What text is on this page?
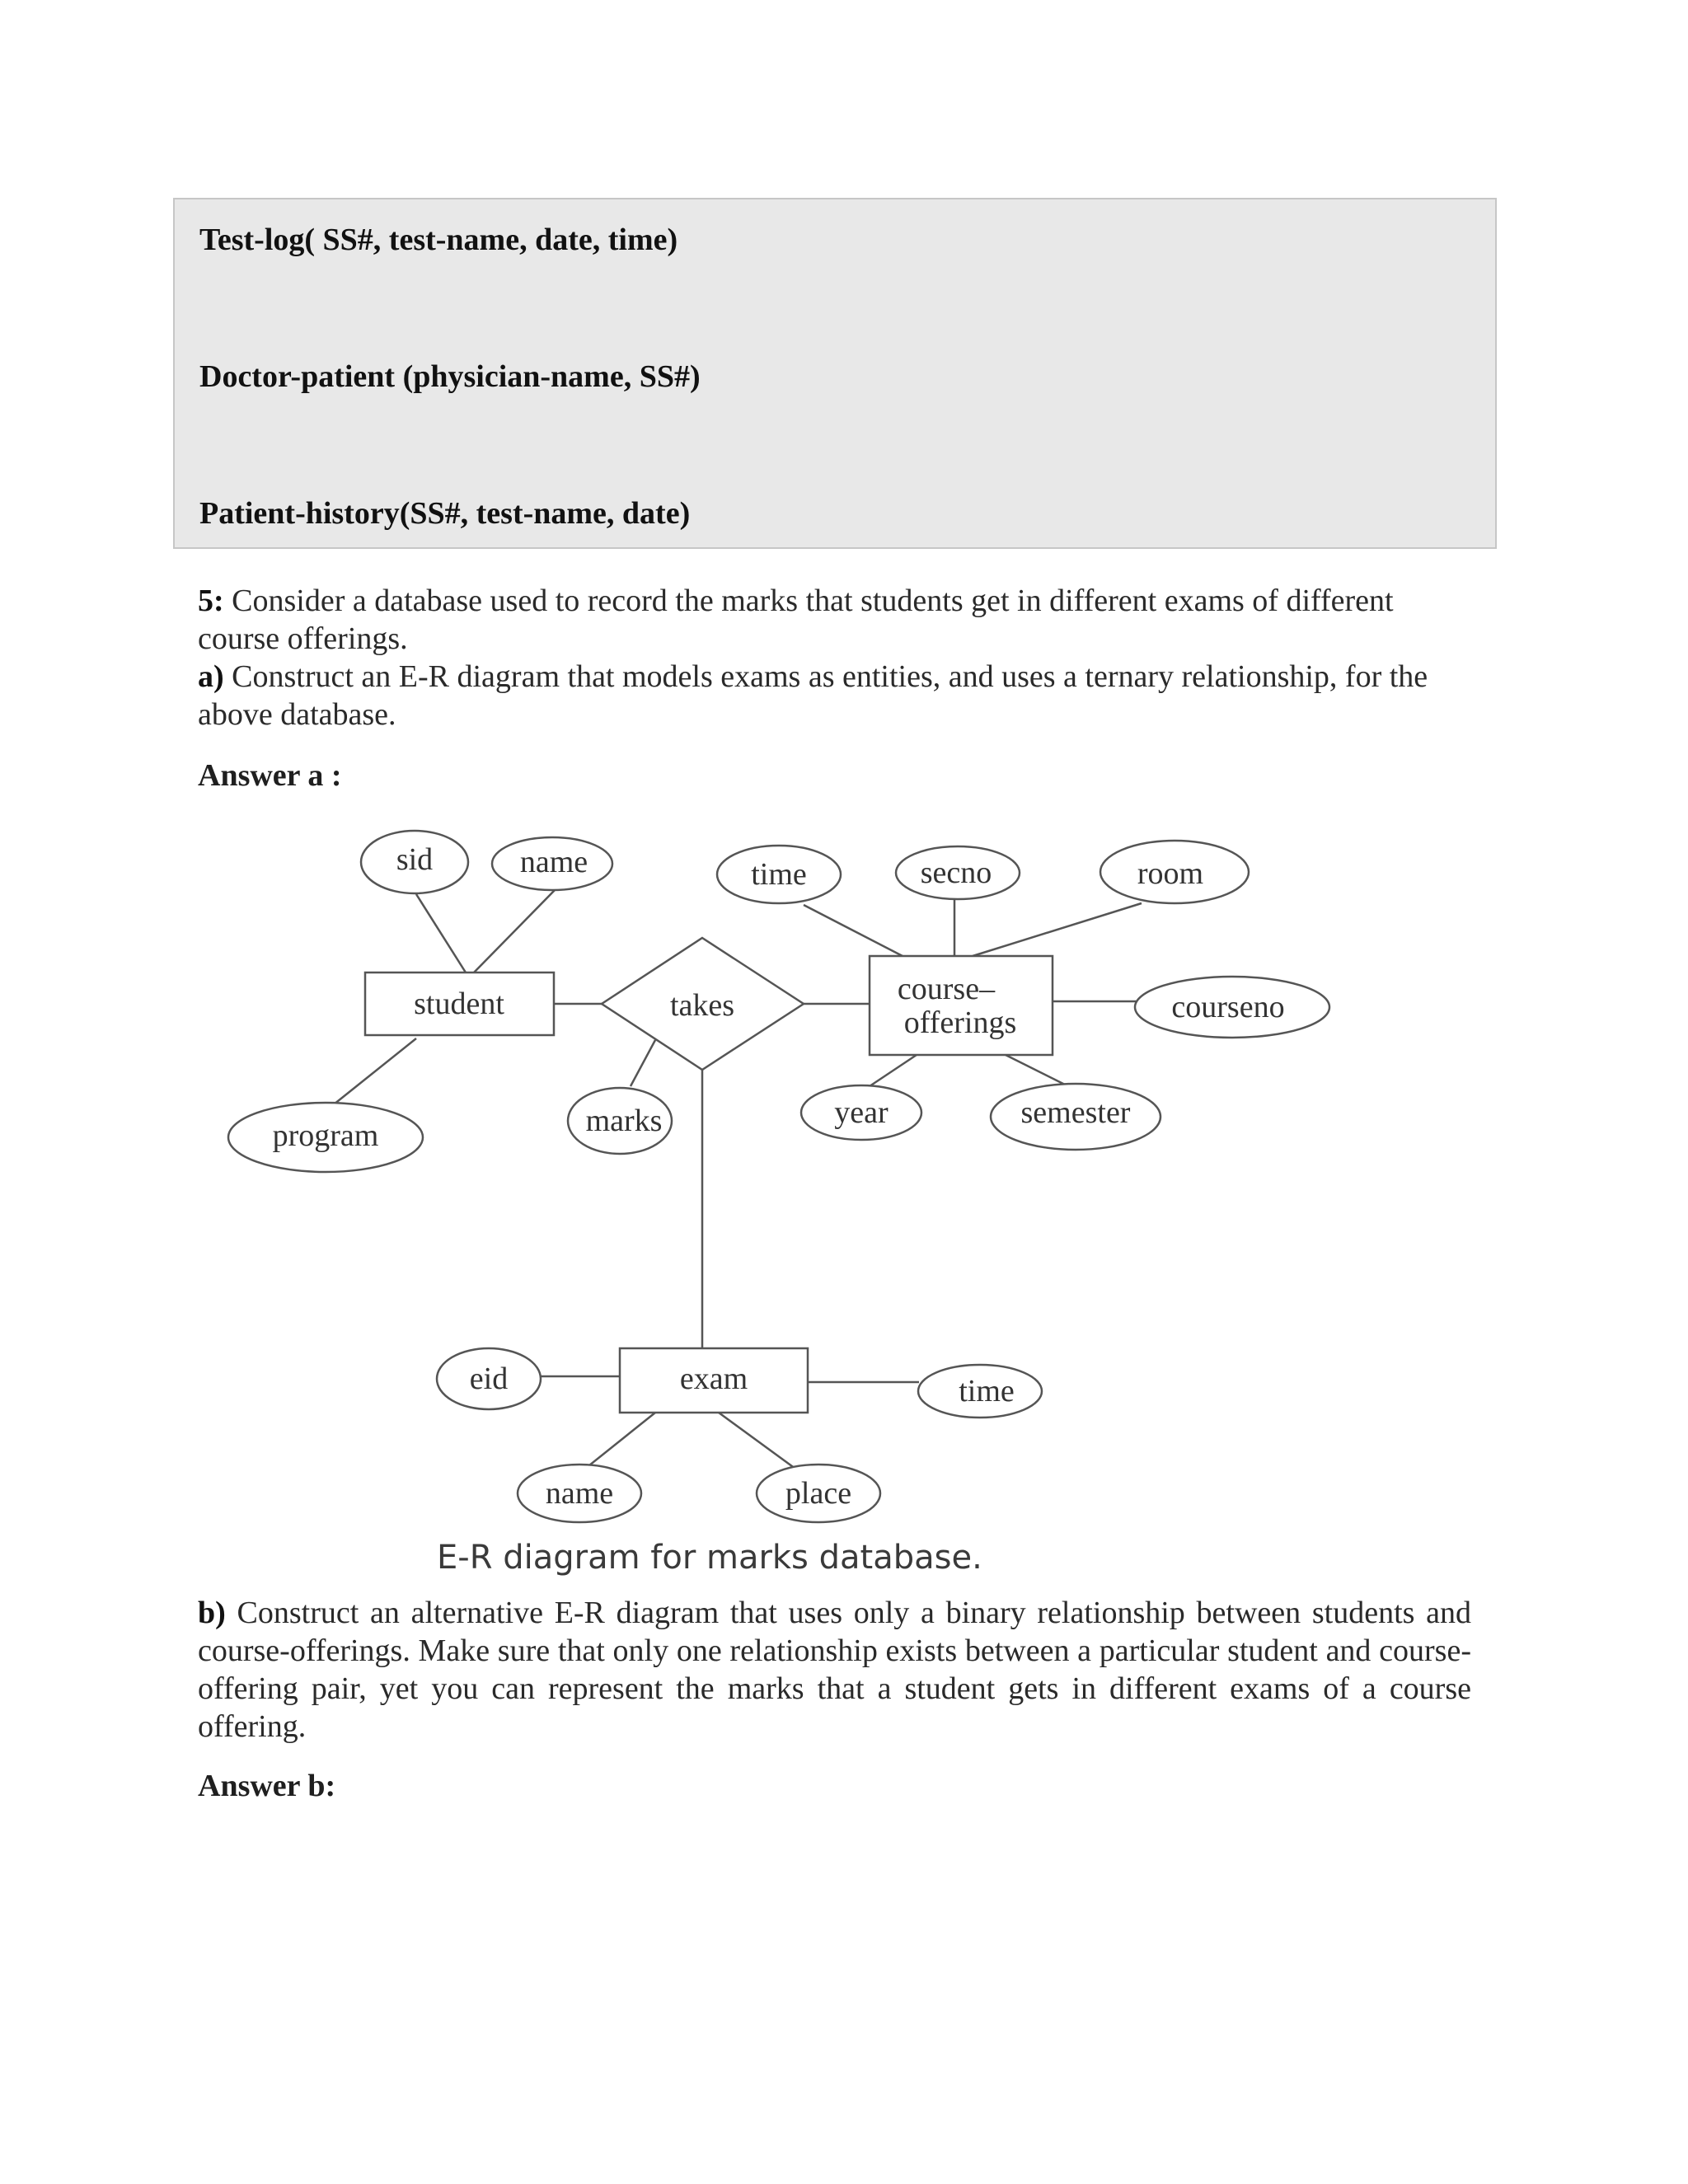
Test-log( SS#, test-name, date, time)
Doctor-patient (physician-name, SS#)
Patient-history(SS#, test-name, date)
5: Consider a database used to record the marks that students get in different exams of different course offerings.
a) Construct an E-R diagram that models exams as entities, and uses a ternary relationship, for the above database.
Answer a :
student	course–
offerings
exam
takes
sid	name
program	marks
time	secno	room
courseno
year	semester
eid	time
name	place
E-R diagram for marks database.
b) Construct an alternative E-R diagram that uses only a binary relationship between students and course-offerings. Make sure that only one relationship exists between a particular student and course-offering pair, yet you can represent the marks that a student gets in different exams of a course offering.
Answer b:
